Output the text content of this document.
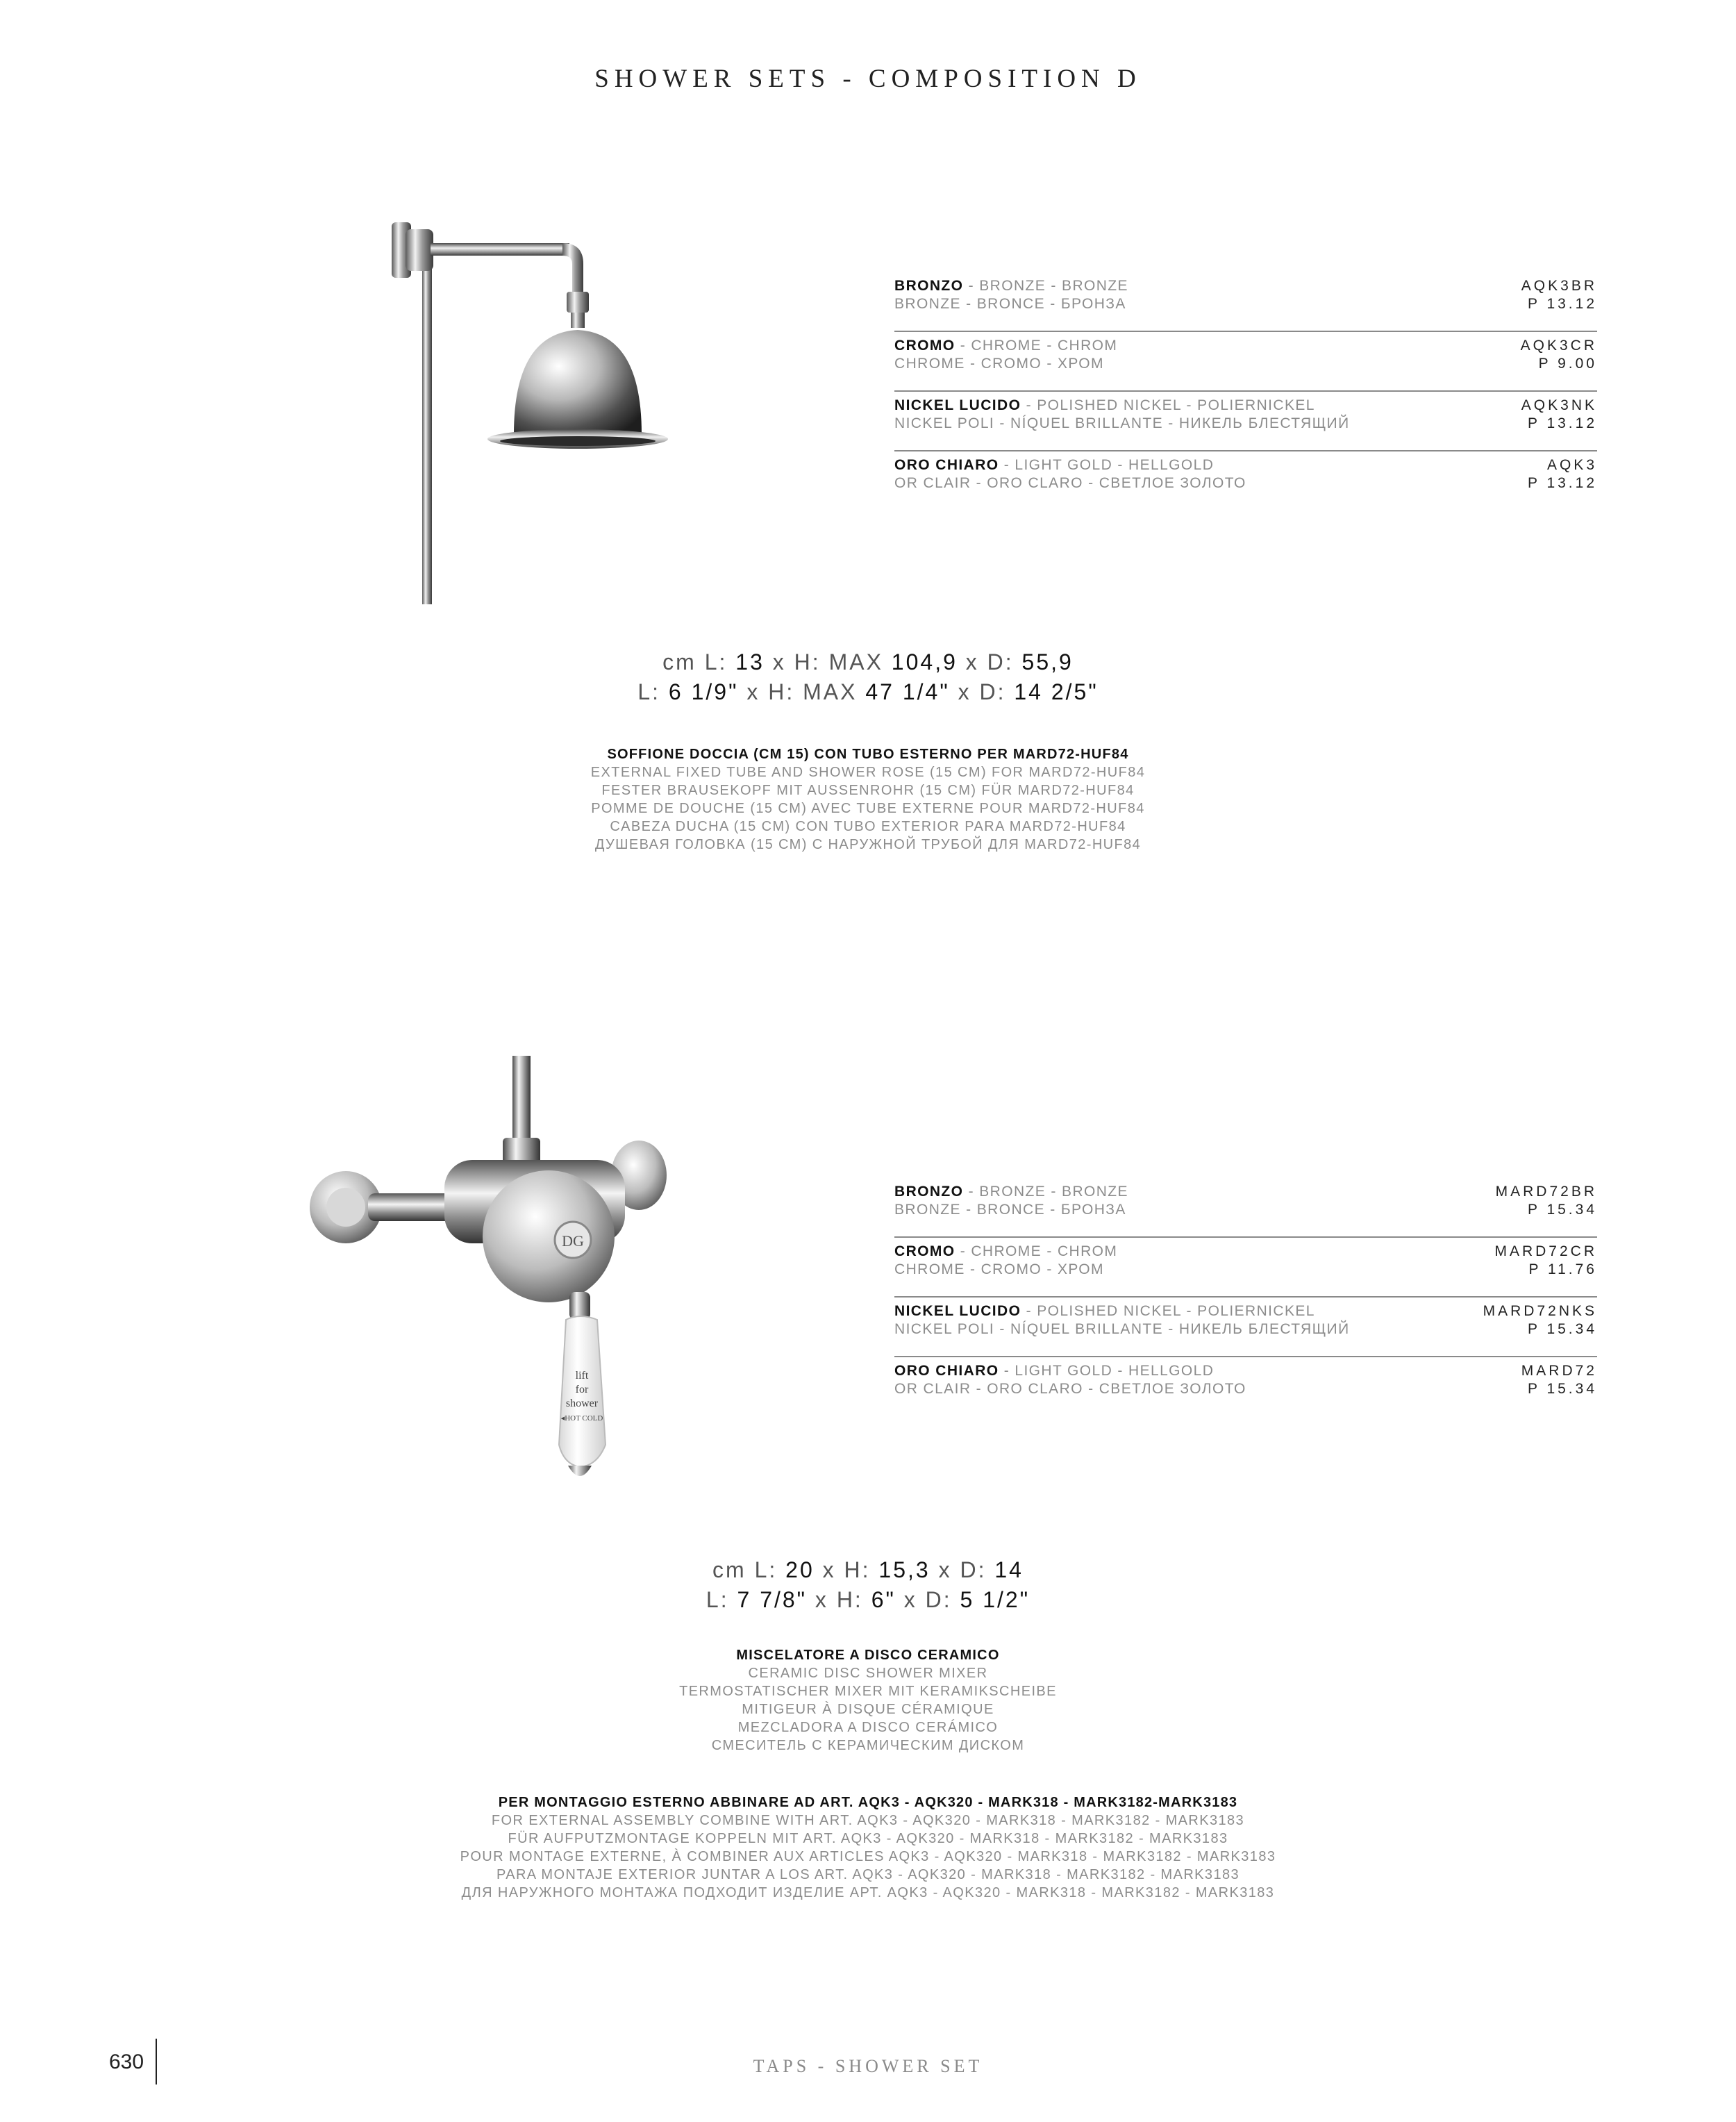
SHOWER SETS - COMPOSITION D
BRONZO - BRONZE - BRONZE
BRONZE - BRONCE - БРОНЗА
AQK3BR
P 13.12
CROMO - CHROME - CHROM
CHROME - CROMO - ХРОМ
AQK3CR
P 9.00
NICKEL LUCIDO - POLISHED NICKEL - POLIERNICKEL
NICKEL POLI - NÍQUEL BRILLANTE - НИКЕЛЬ БЛЕСТЯЩИЙ
AQK3NK
P 13.12
ORO CHIARO - LIGHT GOLD - HELLGOLD
OR CLAIR - ORO CLARO - СВЕТЛОЕ ЗОЛОТО
AQK3
P 13.12
cm L: 13 x H: MAX 104,9 x D: 55,9
L: 6 1/9" x H: MAX 47 1/4" x D: 14 2/5"
SOFFIONE DOCCIA (CM 15) CON TUBO ESTERNO PER MARD72-HUF84
EXTERNAL FIXED TUBE AND SHOWER ROSE (15 CM) FOR MARD72-HUF84
FESTER BRAUSEKOPF MIT AUSSENROHR (15 CM) FÜR MARD72-HUF84
POMME DE DOUCHE (15 CM) AVEC TUBE EXTERNE POUR MARD72-HUF84
CABEZA DUCHA (15 CM) CON TUBO EXTERIOR PARA MARD72-HUF84
ДУШЕВАЯ ГОЛОВКА (15 СМ) С НАРУЖНОЙ ТРУБОЙ ДЛЯ MARD72-HUF84
DG
lift
for
shower
◂HOT COLD
BRONZO - BRONZE - BRONZE
BRONZE - BRONCE - БРОНЗА
MARD72BR
P 15.34
CROMO - CHROME - CHROM
CHROME - CROMO - ХРОМ
MARD72CR
P 11.76
NICKEL LUCIDO - POLISHED NICKEL - POLIERNICKEL
NICKEL POLI - NÍQUEL BRILLANTE - НИКЕЛЬ БЛЕСТЯЩИЙ
MARD72NKS
P 15.34
ORO CHIARO - LIGHT GOLD - HELLGOLD
OR CLAIR - ORO CLARO - СВЕТЛОЕ ЗОЛОТО
MARD72
P 15.34
cm L: 20 x H: 15,3 x D: 14
L: 7 7/8" x H: 6" x D: 5 1/2"
MISCELATORE A DISCO CERAMICO
CERAMIC DISC SHOWER MIXER
TERMOSTATISCHER MIXER MIT KERAMIKSCHEIBE
MITIGEUR À DISQUE CÉRAMIQUE
MEZCLADORA A DISCO CERÁMICO
СМЕСИТЕЛЬ С КЕРАМИЧЕСКИМ ДИСКОМ
PER MONTAGGIO ESTERNO ABBINARE AD ART. AQK3 - AQK320 - MARK318 - MARK3182-MARK3183
FOR EXTERNAL ASSEMBLY COMBINE WITH ART. AQK3 - AQK320 - MARK318 - MARK3182 - MARK3183
FÜR AUFPUTZMONTAGE KOPPELN MIT ART. AQK3 - AQK320 - MARK318 - MARK3182 - MARK3183
POUR MONTAGE EXTERNE, À COMBINER AUX ARTICLES AQK3 - AQK320 - MARK318 - MARK3182 - MARK3183
PARA MONTAJE EXTERIOR JUNTAR A LOS ART. AQK3 - AQK320 - MARK318 - MARK3182 - MARK3183
ДЛЯ НАРУЖНОГО МОНТАЖА ПОДХОДИТ ИЗДЕЛИЕ АРТ. AQK3 - AQK320 - MARK318 - MARK3182 - MARK3183
630	TAPS - SHOWER SET
